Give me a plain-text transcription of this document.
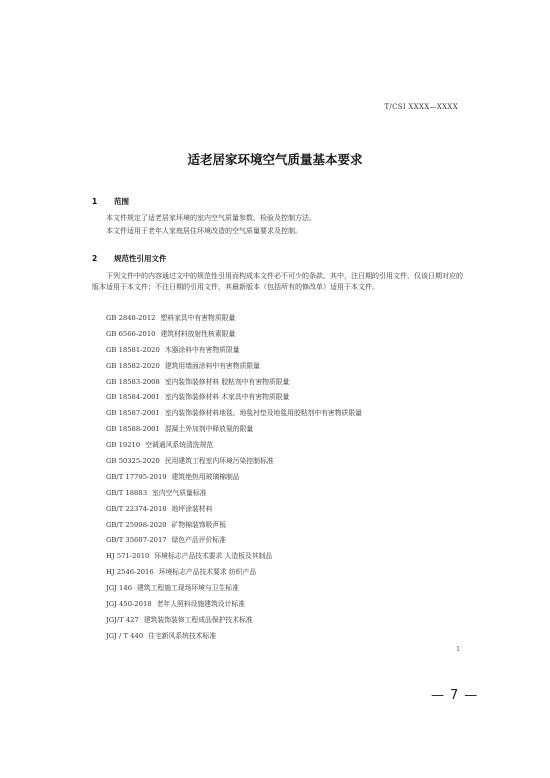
T/CSI XXXX—XXXX
适老居家环境空气质量基本要求
1 范围
本文件规定了适老居家环境的室内空气质量参数、检验及控制方法。
本文件适用于老年人家庭居住环境改造的空气质量要求及控制。
2 规范性引用文件
下列文件中的内容通过文中的规范性引用而构成本文件必不可少的条款。其中，注日期的引用文件，仅该日期对应的版本适用于本文件；不注日期的引用文件，其最新版本（包括所有的修改单）适用于本文件。
GB 2848-2012 塑料家具中有害物质限量
GB 6566-2010 建筑材料放射性核素限量
GB 18581-2020 木器涂料中有害物质限量
GB 18582-2020 建筑用墙面涂料中有害物质限量
GB 18583-2008 室内装饰装修材料 胶粘剂中有害物质限量
GB 18584-2001 室内装饰装修材料 木家具中有害物质限量
GB 18587-2001 室内装饰装修材料地毯、地毯衬垫及地毯用胶粘剂中有害物质限量
GB 18588-2001 混凝土外加剂中释放氨的限量
GB 19210 空调通风系统清洗规范
GB 50325-2020 民用建筑工程室内环境污染控制标准
GB/T 17795-2019 建筑绝热用玻璃棉制品
GB/T 18883 室内空气质量标准
GB/T 22374-2018 地坪涂装材料
GB/T 25998-2020 矿物棉装饰吸声板
GB/T 35607-2017 绿色产品评价标准
HJ 571-2010 环境标志产品技术要求 人造板及其制品
HJ 2546-2016 环境标志产品技术要求 纺织产品
JGJ 146 建筑工程施工现场环境与卫生标准
JGJ 450-2018 老年人照料设施建筑设计标准
JGJ/T 427 建筑装饰装修工程成品保护技术标准
JGJ / T 440 住宅新风系统技术标准
1
— 7 —
